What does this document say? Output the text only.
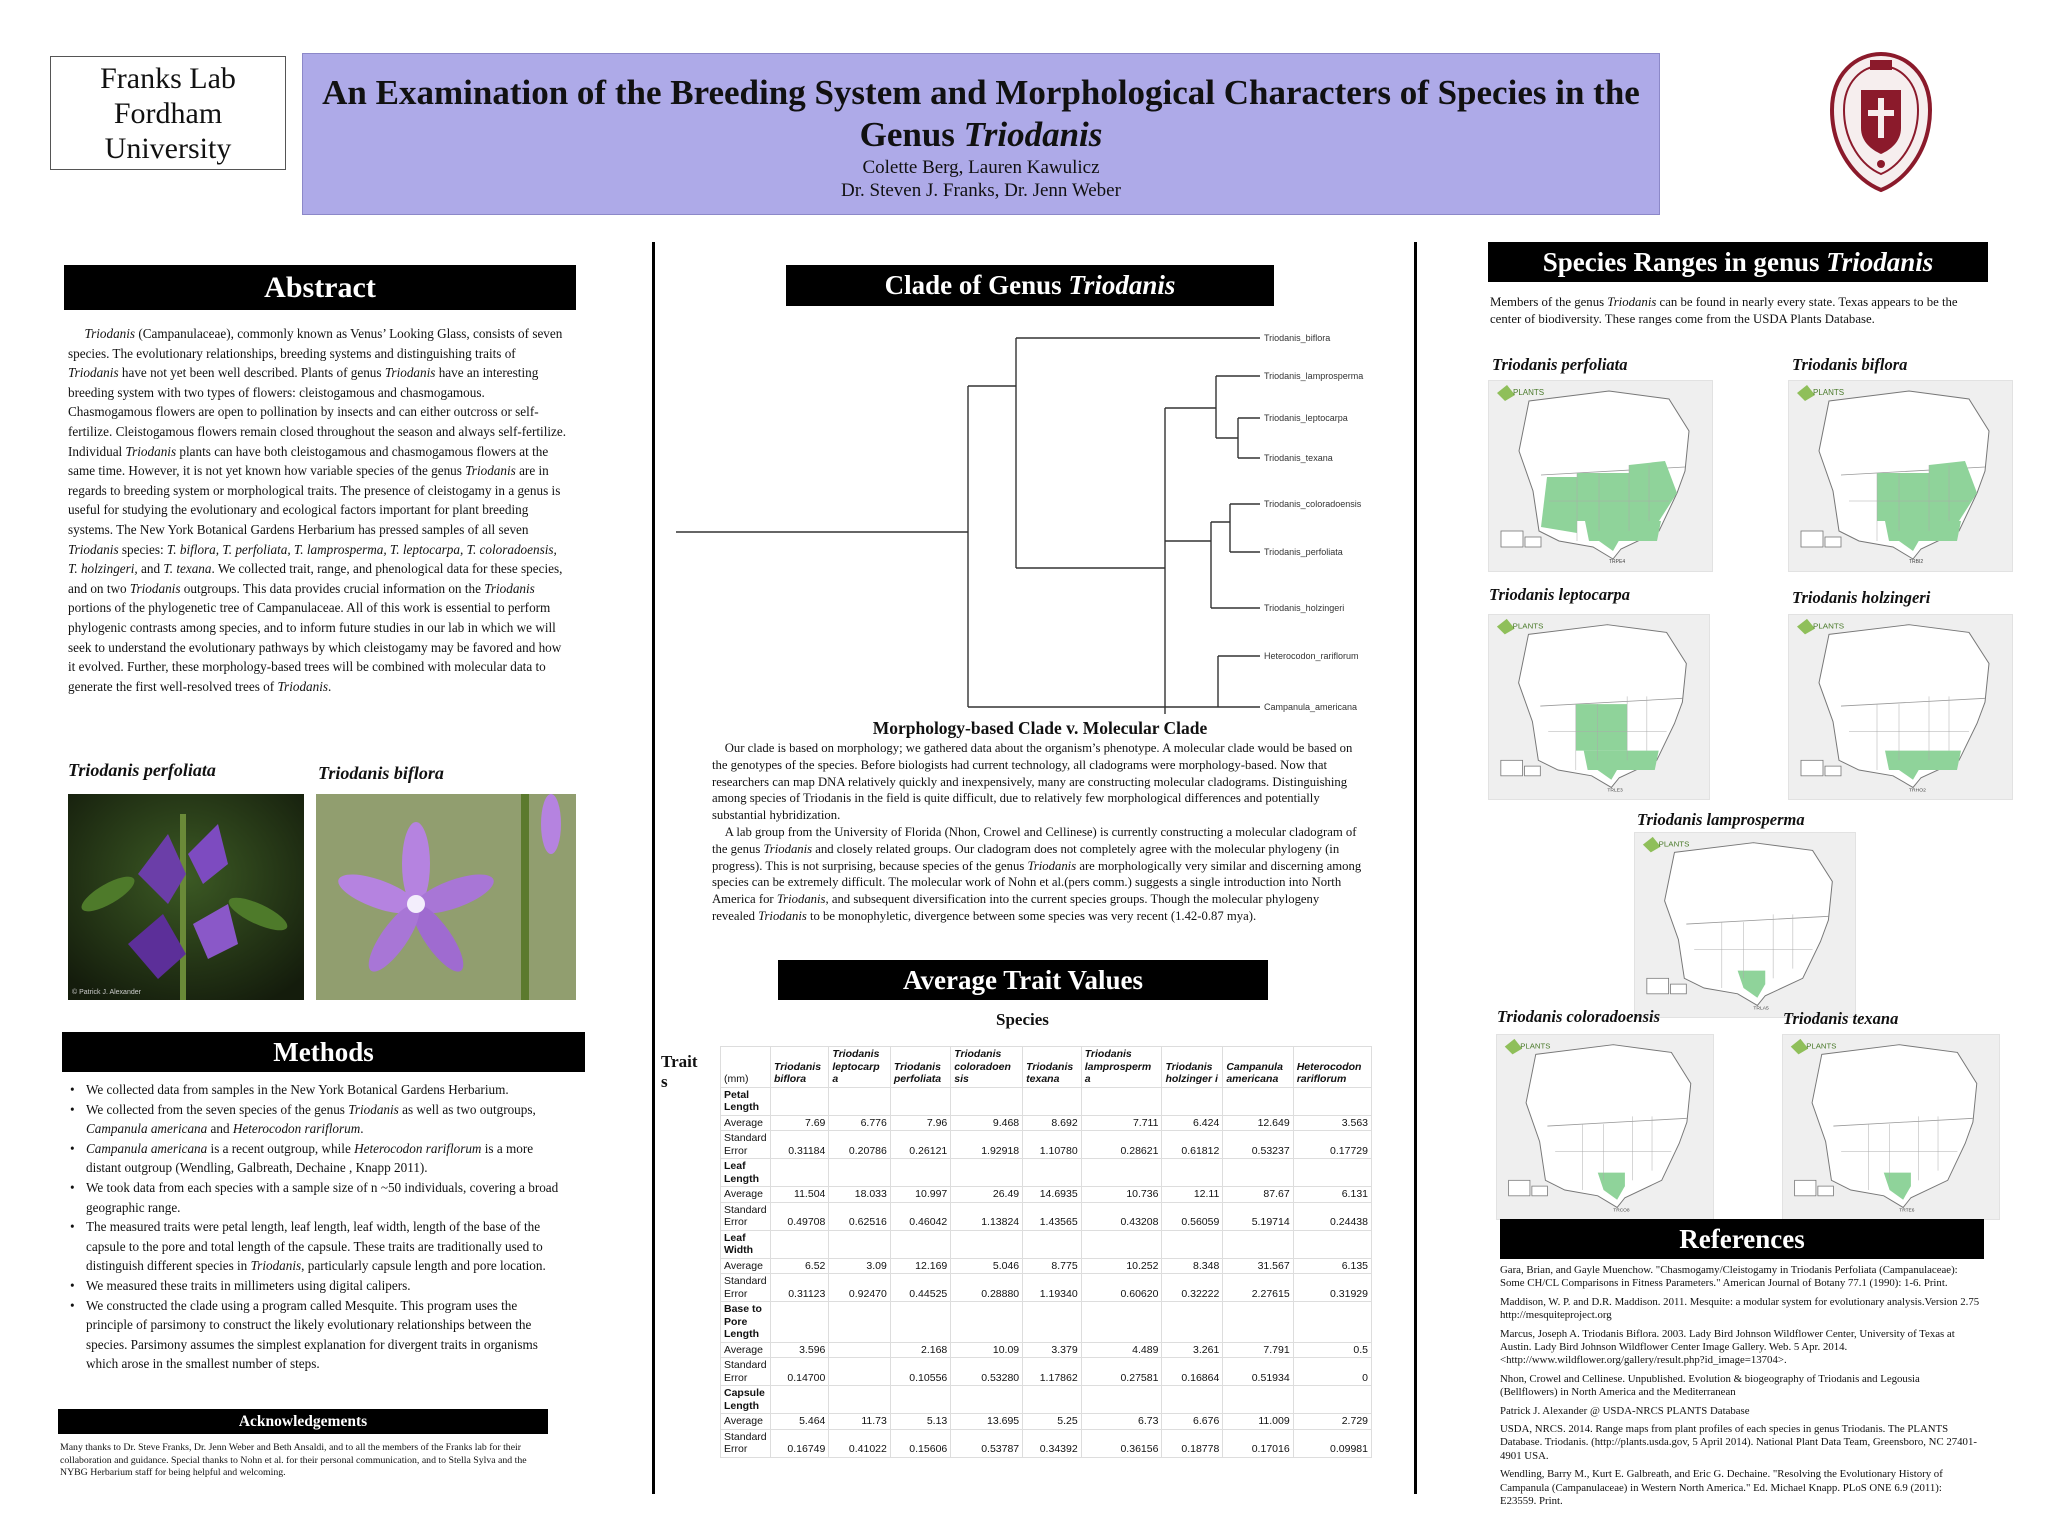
Franks Lab
Fordham
University
An Examination of the Breeding System and Morphological Characters of Species in the
Genus Triodanis
Colette Berg, Lauren Kawulicz
Dr. Steven J. Franks, Dr. Jenn Weber
Abstract
Triodanis (Campanulaceae), commonly known as Venus’ Looking Glass, consists of seven species. The evolutionary relationships, breeding systems and distinguishing traits of Triodanis have not yet been well described. Plants of genus Triodanis have an interesting breeding system with two types of flowers: cleistogamous and chasmogamous. Chasmogamous flowers are open to pollination by insects and can either outcross or self-fertilize. Cleistogamous flowers remain closed throughout the season and always self-fertilize. Individual Triodanis plants can have both cleistogamous and chasmogamous flowers at the same time. However, it is not yet known how variable species of the genus Triodanis are in regards to breeding system or morphological traits. The presence of cleistogamy in a genus is useful for studying the evolutionary and ecological factors important for plant breeding systems. The New York Botanical Gardens Herbarium has pressed samples of all seven Triodanis species: T. biflora, T. perfoliata, T. lamprosperma, T. leptocarpa, T. coloradoensis, T. holzingeri, and T. texana. We collected trait, range, and phenological data for these species, and on two Triodanis outgroups. This data provides crucial information on the Triodanis portions of the phylogenetic tree of Campanulaceae. All of this work is essential to perform phylogenic contrasts among species, and to inform future studies in our lab in which we will seek to understand the evolutionary pathways by which cleistogamy may be favored and how it evolved. Further, these morphology-based trees will be combined with molecular data to generate the first well-resolved trees of Triodanis.
Triodanis perfoliata	Triodanis biflora
© Patrick J. Alexander
Methods
• We collected data from samples in the New York Botanical Gardens Herbarium.
• We collected from the seven species of the genus Triodanis as well as two outgroups, Campanula americana and Heterocodon rariflorum.
• Campanula americana is a recent outgroup, while Heterocodon rariflorum is a more distant outgroup (Wendling, Galbreath, Dechaine , Knapp 2011).
• We took data from each species with a sample size of n ~50 individuals, covering a broad geographic range.
• The measured traits were petal length, leaf length, leaf width, length of the base of the capsule to the pore and total length of the capsule. These traits are traditionally used to distinguish different species in Triodanis, particularly capsule length and pore location.
• We measured these traits in millimeters using digital calipers.
• We constructed the clade using a program called Mesquite. This program uses the principle of parsimony to construct the likely evolutionary relationships between the species. Parsimony assumes the simplest explanation for divergent traits in organisms which arose in the smallest number of steps.
Acknowledgements
Many thanks to Dr. Steve Franks, Dr. Jenn Weber and Beth Ansaldi, and to all the members of the Franks lab for their collaboration and guidance. Special thanks to Nohn et al. for their personal communication, and to Stella Sylva and the NYBG Herbarium staff for being helpful and welcoming.
Clade of Genus Triodanis
Triodanis_biflora
Triodanis_lamprosperma
Triodanis_leptocarpa
Triodanis_texana
Triodanis_coloradoensis
Triodanis_perfoliata
Triodanis_holzingeri
Heterocodon_rariflorum
Campanula_americana
Morphology-based Clade v. Molecular Clade
Our clade is based on morphology; we gathered data about the organism’s phenotype. A molecular clade would be based on the genotypes of the species. Before biologists had current technology, all cladograms were morphology-based. Now that researchers can map DNA relatively quickly and inexpensively, many are constructing molecular cladograms. Distinguishing among species of Triodanis in the field is quite difficult, due to relatively few morphological differences and potentially substantial hybridization.
A lab group from the University of Florida (Nhon, Crowel and Cellinese) is currently constructing a molecular cladogram of the genus Triodanis and closely related groups. Our cladogram does not completely agree with the molecular phylogeny (in progress). This is not surprising, because species of the genus Triodanis are morphologically very similar and discerning among species can be extremely difficult. The molecular work of Nohn et al.(pers comm.) suggests a single introduction into North America for Triodanis, and subsequent diversification into the current species groups. Though the molecular phylogeny revealed Triodanis to be monophyletic, divergence between some species was very recent (1.42-0.87 mya).
Average Trait Values
Species
Trait s	(mm)	Triodanis biflora	Triodanis leptocarp a	Triodanis perfoliata	Triodanis coloradoen sis	Triodanis texana	Triodanis lamprosperm a	Triodanis holzinger i	Campanula americana	Heterocodon rariflorum
Petal Length									
Average	7.69	6.776	7.96	9.468	8.692	7.711	6.424	12.649	3.563
Standard Error	0.31184	0.20786	0.26121	1.92918	1.10780	0.28621	0.61812	0.53237	0.17729
Leaf Length									
Average	11.504	18.033	10.997	26.49	14.6935	10.736	12.11	87.67	6.131
Standard Error	0.49708	0.62516	0.46042	1.13824	1.43565	0.43208	0.56059	5.19714	0.24438
Leaf Width									
Average	6.52	3.09	12.169	5.046	8.775	10.252	8.348	31.567	6.135
Standard Error	0.31123	0.92470	0.44525	0.28880	1.19340	0.60620	0.32222	2.27615	0.31929
Base to Pore Length									
Average	3.596		2.168	10.09	3.379	4.489	3.261	7.791	0.5
Standard Error	0.14700		0.10556	0.53280	1.17862	0.27581	0.16864	0.51934	0
Capsule Length									
Average	5.464	11.73	5.13	13.695	5.25	6.73	6.676	11.009	2.729
Standard Error	0.16749	0.41022	0.15606	0.53787	0.34392	0.36156	0.18778	0.17016	0.09981
Species Ranges in genus Triodanis
Members of the genus Triodanis can be found in nearly every state. Texas appears to be the center of biodiversity. These ranges come from the USDA Plants Database.
Triodanis perfoliata
PLANTS
TRPE4
Triodanis biflora
PLANTS
TRBI2
Triodanis leptocarpa
PLANTS
TRLE3
Triodanis holzingeri
PLANTS
TRHO2
Triodanis lamprosperma
PLANTS
TRLA5
Triodanis coloradoensis
PLANTS
TRCO8
Triodanis texana
PLANTS
TRTE6
References
Gara, Brian, and Gayle Muenchow. "Chasmogamy/Cleistogamy in Triodanis Perfoliata (Campanulaceae): Some CH/CL Comparisons in Fitness Parameters." American Journal of Botany 77.1 (1990): 1-6. Print.
Maddison, W. P. and D.R. Maddison. 2011. Mesquite: a modular system for evolutionary analysis.Version 2.75 http://mesquiteproject.org
Marcus, Joseph A. Triodanis Biflora. 2003. Lady Bird Johnson Wildflower Center, University of Texas at Austin. Lady Bird Johnson Wildflower Center Image Gallery. Web. 5 Apr. 2014. <http://www.wildflower.org/gallery/result.php?id_image=13704>.
Nhon, Crowel and Cellinese. Unpublished. Evolution & biogeography of Triodanis and Legousia (Bellflowers) in North America and the Mediterranean
Patrick J. Alexander @ USDA-NRCS PLANTS Database
USDA, NRCS. 2014. Range maps from plant profiles of each species in genus Triodanis. The PLANTS Database. Triodanis. (http://plants.usda.gov, 5 April 2014). National Plant Data Team, Greensboro, NC 27401-4901 USA.
Wendling, Barry M., Kurt E. Galbreath, and Eric G. Dechaine. "Resolving the Evolutionary History of Campanula (Campanulaceae) in Western North America." Ed. Michael Knapp. PLoS ONE 6.9 (2011): E23559. Print.
